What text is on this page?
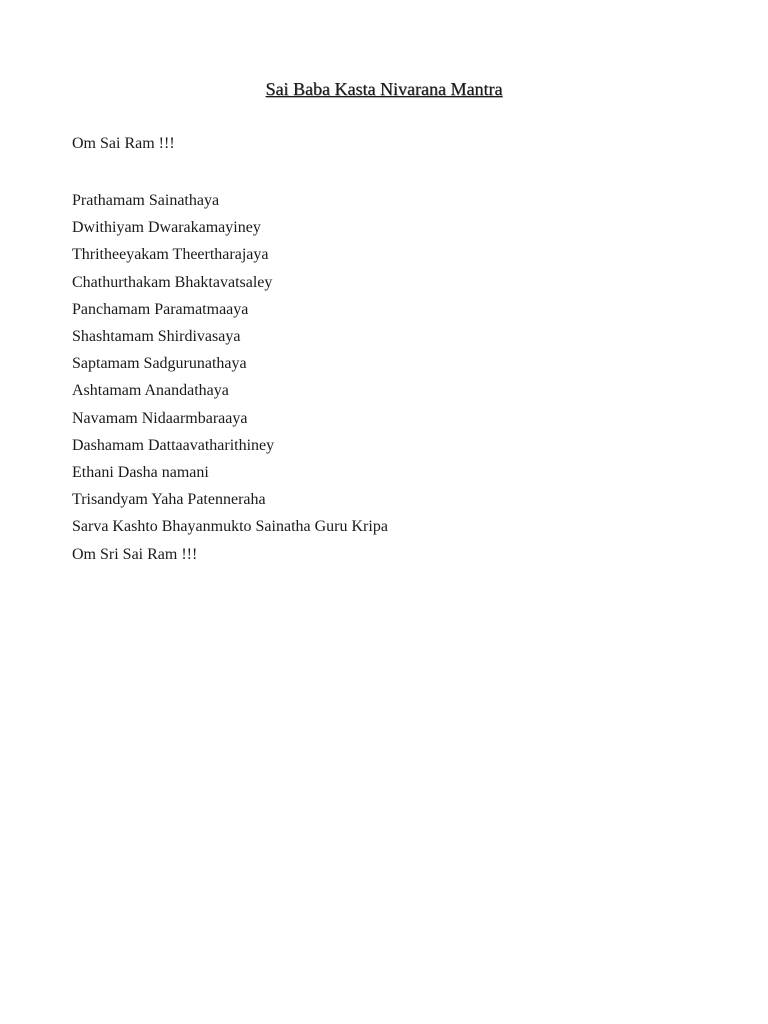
Sai Baba Kasta Nivarana Mantra

Om Sai Ram !!!

Prathamam Sainathaya
Dwithiyam Dwarakamayiney
Thritheeyakam Theertharajaya
Chathurthakam Bhaktavatsaley
Panchamam Paramatmaaya
Shashtamam Shirdivasaya
Saptamam Sadgurunathaya
Ashtamam Anandathaya
Navamam Nidaarmbaraaya
Dashamam Dattaavatharithiney
Ethani Dasha namani
Trisandyam Yaha Patenneraha
Sarva Kashto Bhayanmukto Sainatha Guru Kripa
Om Sri Sai Ram !!!
